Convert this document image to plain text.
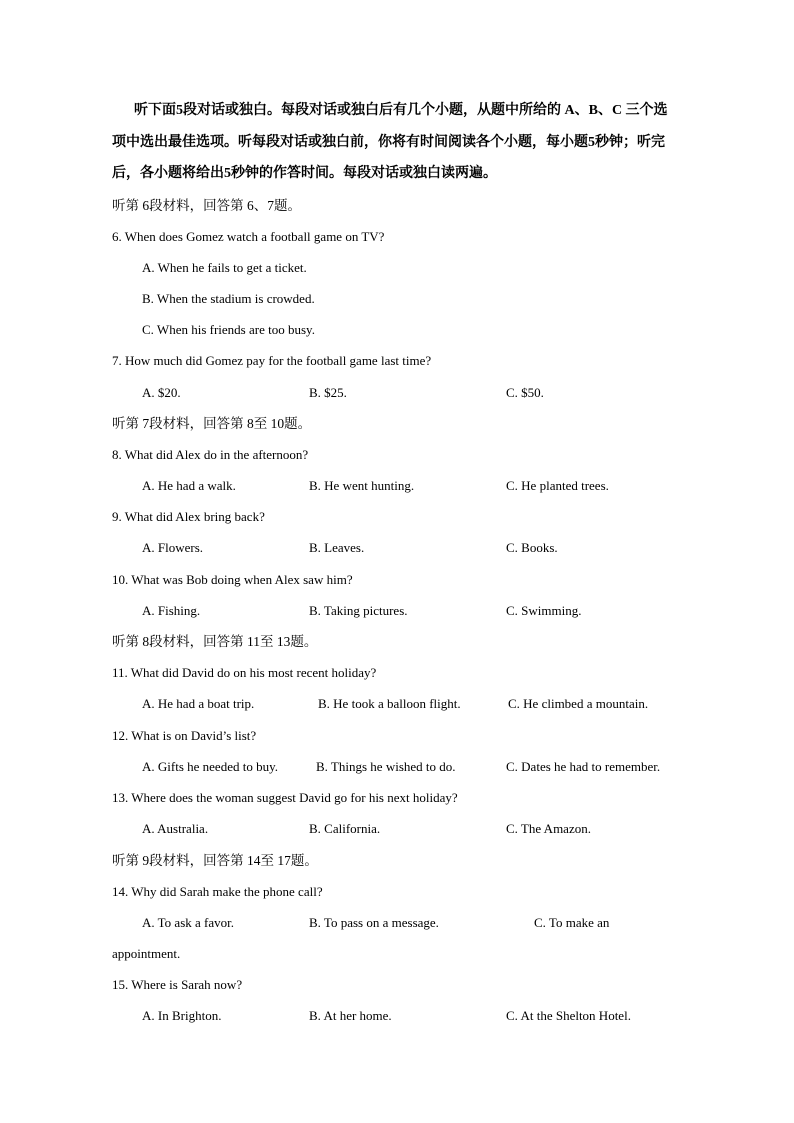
听下面5段对话或独白。每段对话或独白后有几个小题，从题中所给的 A、B、C 三个选
项中选出最佳选项。听每段对话或独白前，你将有时间阅读各个小题，每小题5秒钟；听完
后，各小题将给出5秒钟的作答时间。每段对话或独白读两遍。
听第 6段材料，回答第 6、7题。
6. When does Gomez watch a football game on TV?
A. When he fails to get a ticket.
B. When the stadium is crowded.
C. When his friends are too busy.
7. How much did Gomez pay for the football game last time?
A. $20.	B. $25.	C. $50.
听第 7段材料，回答第 8至 10题。
8. What did Alex do in the afternoon?
A. He had a walk.	B. He went hunting.	C. He planted trees.
9. What did Alex bring back?
A. Flowers.	B. Leaves.	C. Books.
10. What was Bob doing when Alex saw him?
A. Fishing.	B. Taking pictures.	C. Swimming.
听第 8段材料，回答第 11至 13题。
11. What did David do on his most recent holiday?
A. He had a boat trip.	B. He took a balloon flight.	C. He climbed a mountain.
12. What is on David’s list?
A. Gifts he needed to buy.	B. Things he wished to do.	C. Dates he had to remember.
13. Where does the woman suggest David go for his next holiday?
A. Australia.	B. California.	C. The Amazon.
听第 9段材料，回答第 14至 17题。
14. Why did Sarah make the phone call?
A. To ask a favor.	B. To pass on a message.	C. To make an
appointment.
15. Where is Sarah now?
A. In Brighton.	B. At her home.	C. At the Shelton Hotel.
